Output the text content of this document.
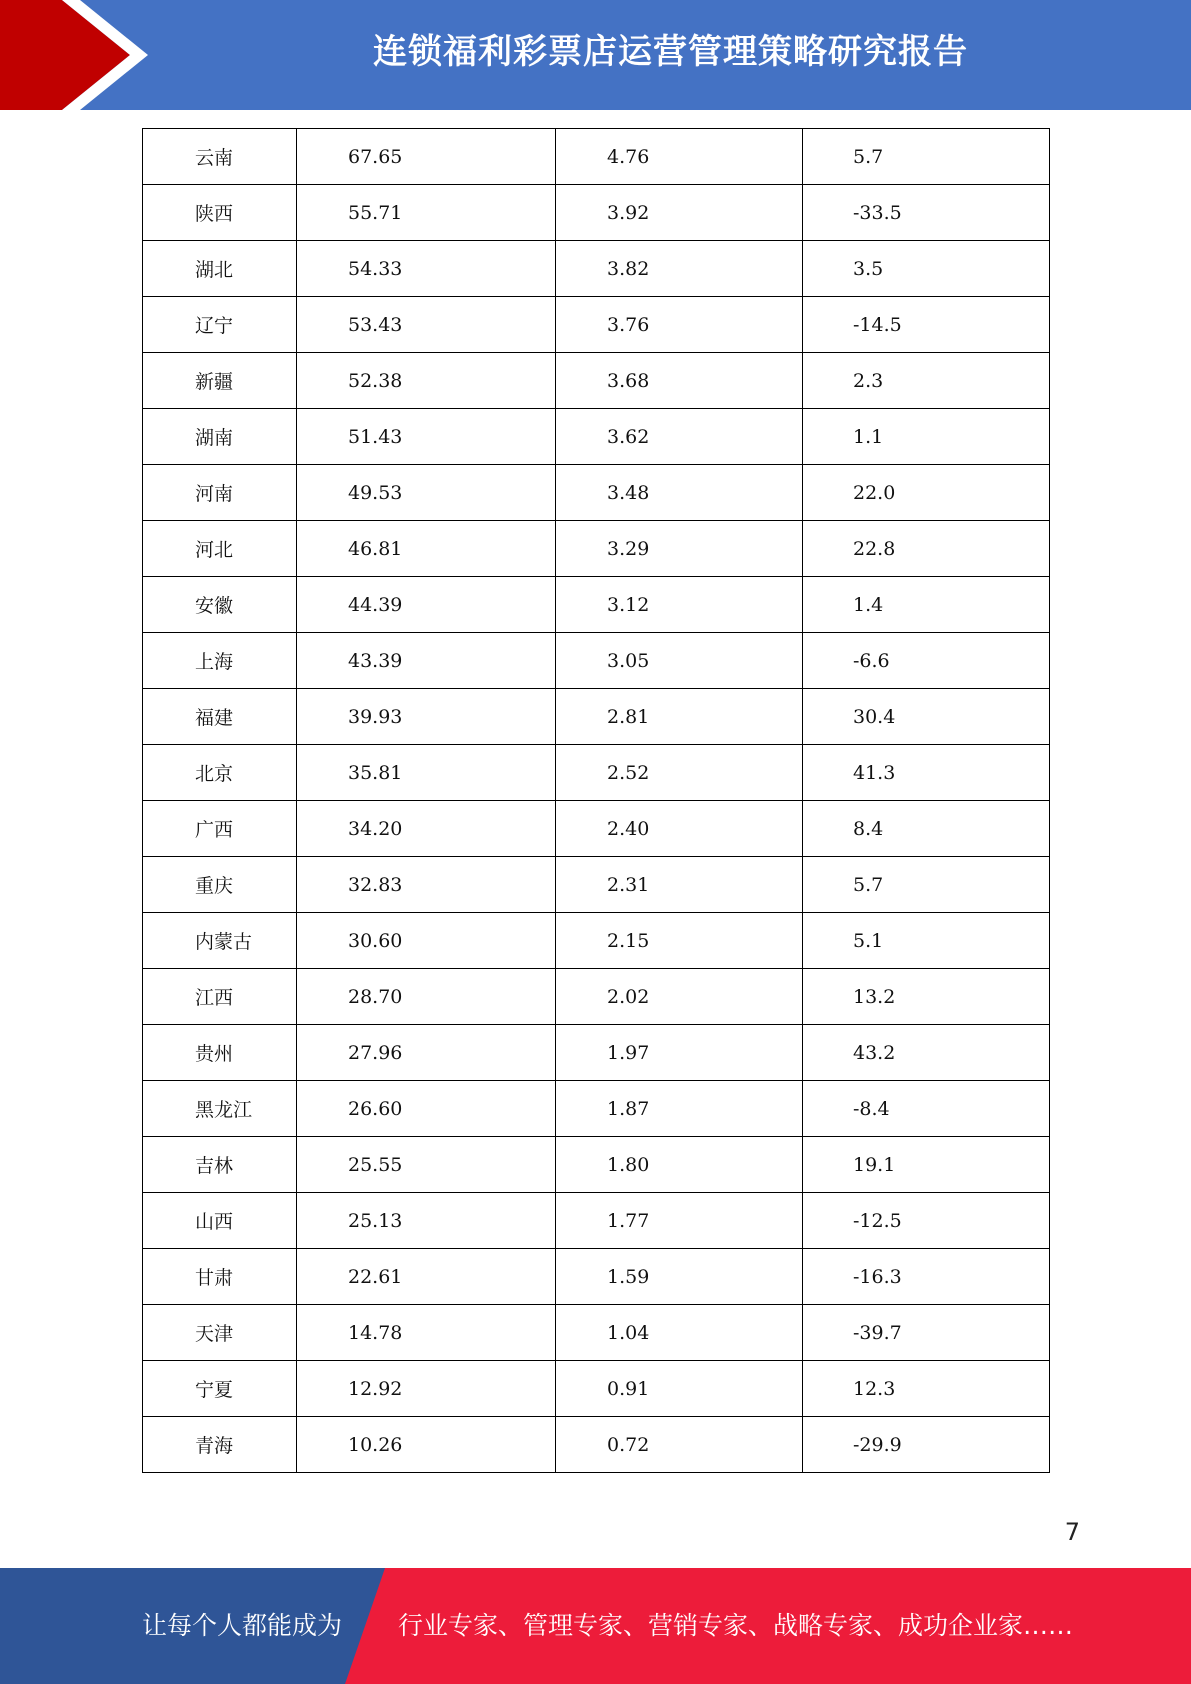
连锁福利彩票店运营管理策略研究报告
云南	67.65	4.76	5.7
陕西	55.71	3.92	-33.5
湖北	54.33	3.82	3.5
辽宁	53.43	3.76	-14.5
新疆	52.38	3.68	2.3
湖南	51.43	3.62	1.1
河南	49.53	3.48	22.0
河北	46.81	3.29	22.8
安徽	44.39	3.12	1.4
上海	43.39	3.05	-6.6
福建	39.93	2.81	30.4
北京	35.81	2.52	41.3
广西	34.20	2.40	8.4
重庆	32.83	2.31	5.7
内蒙古	30.60	2.15	5.1
江西	28.70	2.02	13.2
贵州	27.96	1.97	43.2
黑龙江	26.60	1.87	-8.4
吉林	25.55	1.80	19.1
山西	25.13	1.77	-12.5
甘肃	22.61	1.59	-16.3
天津	14.78	1.04	-39.7
宁夏	12.92	0.91	12.3
青海	10.26	0.72	-29.9
7
让每个人都能成为 行业专家、管理专家、营销专家、战略专家、成功企业家……
